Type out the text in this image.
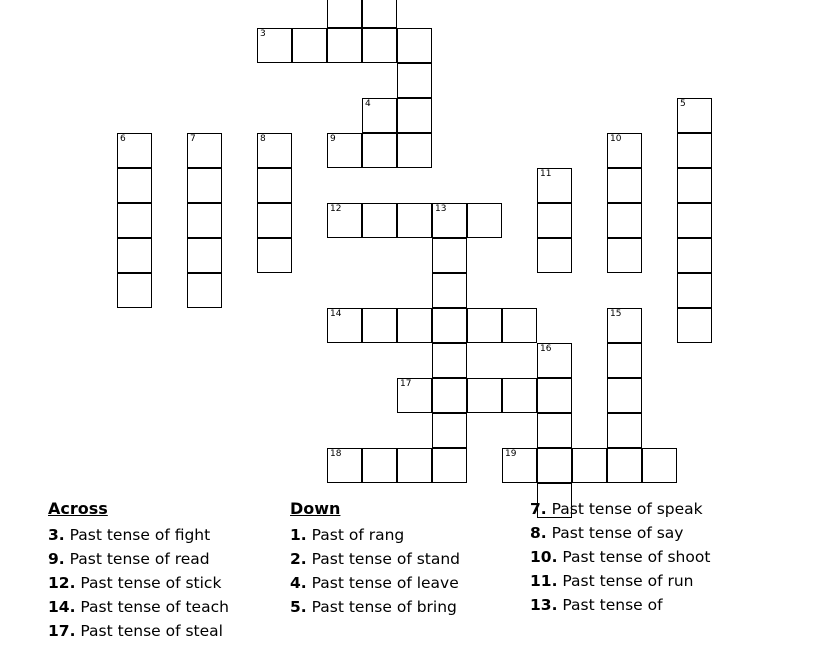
3
4	5
6	7	8	9	10
11
12	13
14	15
16
17
18	19
Across
3. Past tense of fight
9. Past tense of read
12. Past tense of stick
14. Past tense of teach
17. Past tense of steal
Down
1. Past of rang
2. Past tense of stand
4. Past tense of leave
5. Past tense of bring
7. Past tense of speak
8. Past tense of say
10. Past tense of shoot
11. Past tense of run
13. Past tense of
